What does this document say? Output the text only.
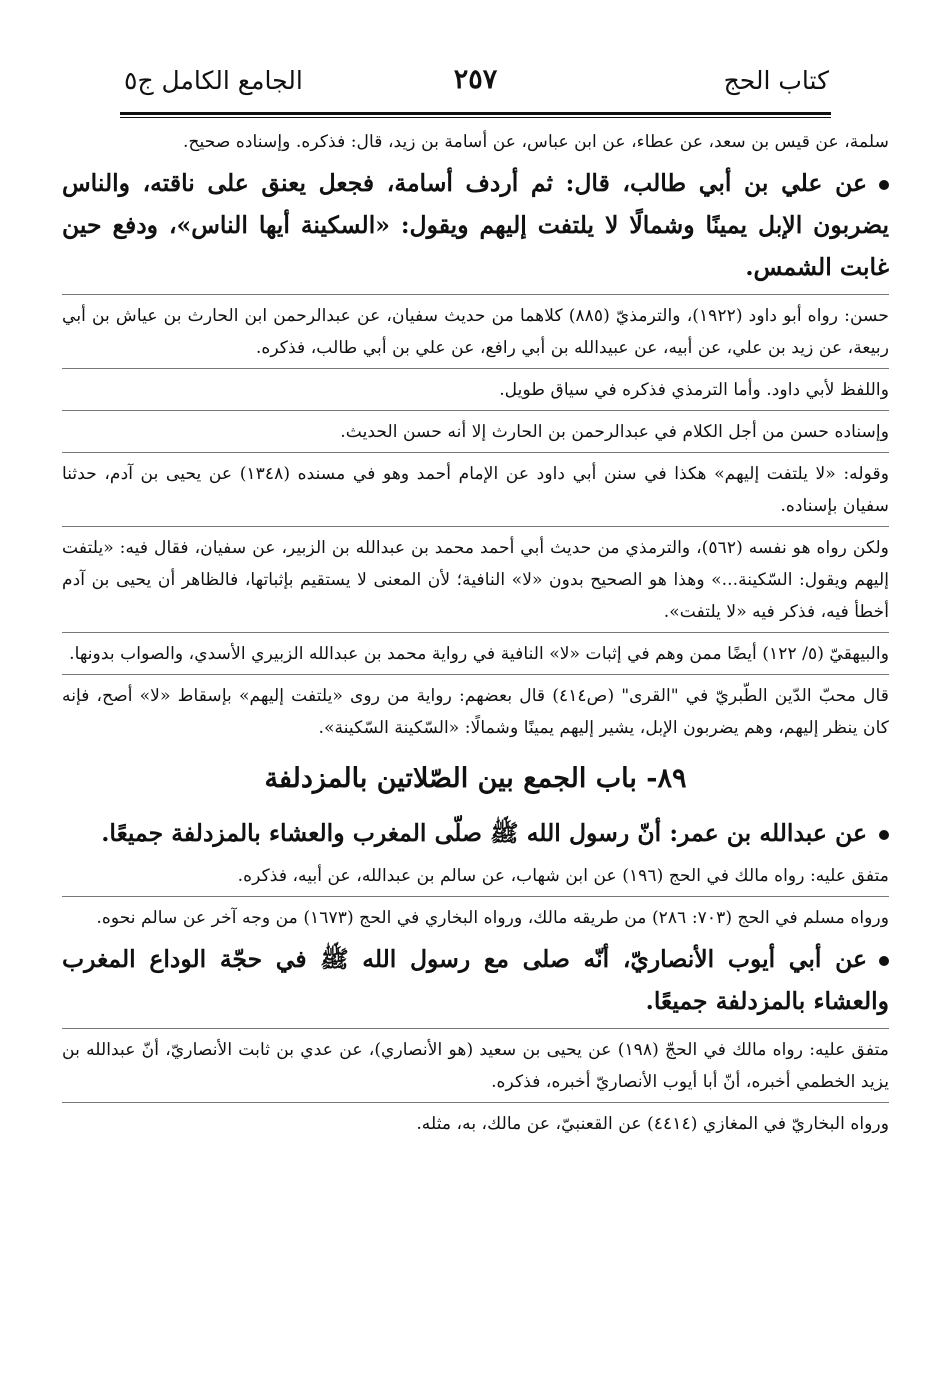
كتاب الحج
٢٥٧
الجامع الكامل ج٥

سلمة، عن قيس بن سعد، عن عطاء، عن ابن عباس، عن أسامة بن زيد، قال: فذكره. وإسناده صحيح.

عن علي بن أبي طالب، قال: ثم أردف أسامة، فجعل يعنق على ناقته، والناس يضربون الإبل يمينًا وشمالًا لا يلتفت إليهم ويقول: «السكينة أيها الناس»، ودفع حين غابت الشمس.

حسن: رواه أبو داود (١٩٢٢)، والترمذيّ (٨٨٥) كلاهما من حديث سفيان، عن عبدالرحمن ابن الحارث بن عياش بن أبي ربيعة، عن زيد بن علي، عن أبيه، عن عبيدالله بن أبي رافع، عن علي بن أبي طالب، فذكره.

واللفظ لأبي داود. وأما الترمذي فذكره في سياق طويل.

وإسناده حسن من أجل الكلام في عبدالرحمن بن الحارث إلا أنه حسن الحديث.

وقوله: «لا يلتفت إليهم» هكذا في سنن أبي داود عن الإمام أحمد وهو في مسنده (١٣٤٨) عن يحيى بن آدم، حدثنا سفيان بإسناده.

ولكن رواه هو نفسه (٥٦٢)، والترمذي من حديث أبي أحمد محمد بن عبدالله بن الزبير، عن سفيان، فقال فيه: «يلتفت إليهم ويقول: السّكينة...» وهذا هو الصحيح بدون «لا» النافية؛ لأن المعنى لا يستقيم بإثباتها، فالظاهر أن يحيى بن آدم أخطأ فيه، فذكر فيه «لا يلتفت».

والبيهقيّ (٥/ ١٢٢) أيضًا ممن وهم في إثبات «لا» النافية في رواية محمد بن عبدالله الزبيري الأسدي، والصواب بدونها.

قال محبّ الدّين الطّبريّ في "القرى" (ص٤١٤) قال بعضهم: رواية من روى «يلتفت إليهم» بإسقاط «لا» أصح، فإنه كان ينظر إليهم، وهم يضربون الإبل، يشير إليهم يمينًا وشمالًا: «السّكينة السّكينة».

٨٩- باب الجمع بين الصّلاتين بالمزدلفة

عن عبدالله بن عمر: أنّ رسول الله ﷺ صلّى المغرب والعشاء بالمزدلفة جميعًا.

متفق عليه: رواه مالك في الحج (١٩٦) عن ابن شهاب، عن سالم بن عبدالله، عن أبيه، فذكره.

ورواه مسلم في الحج (٧٠٣: ٢٨٦) من طريقه مالك، ورواه البخاري في الحج (١٦٧٣) من وجه آخر عن سالم نحوه.

عن أبي أيوب الأنصاريّ، أنّه صلى مع رسول الله ﷺ في حجّة الوداع المغرب والعشاء بالمزدلفة جميعًا.

متفق عليه: رواه مالك في الحجّ (١٩٨) عن يحيى بن سعيد (هو الأنصاري)، عن عدي بن ثابت الأنصاريّ، أنّ عبدالله بن يزيد الخطمي أخبره، أنّ أبا أيوب الأنصاريّ أخبره، فذكره.

ورواه البخاريّ في المغازي (٤٤١٤) عن القعنبيّ، عن مالك، به، مثله.
